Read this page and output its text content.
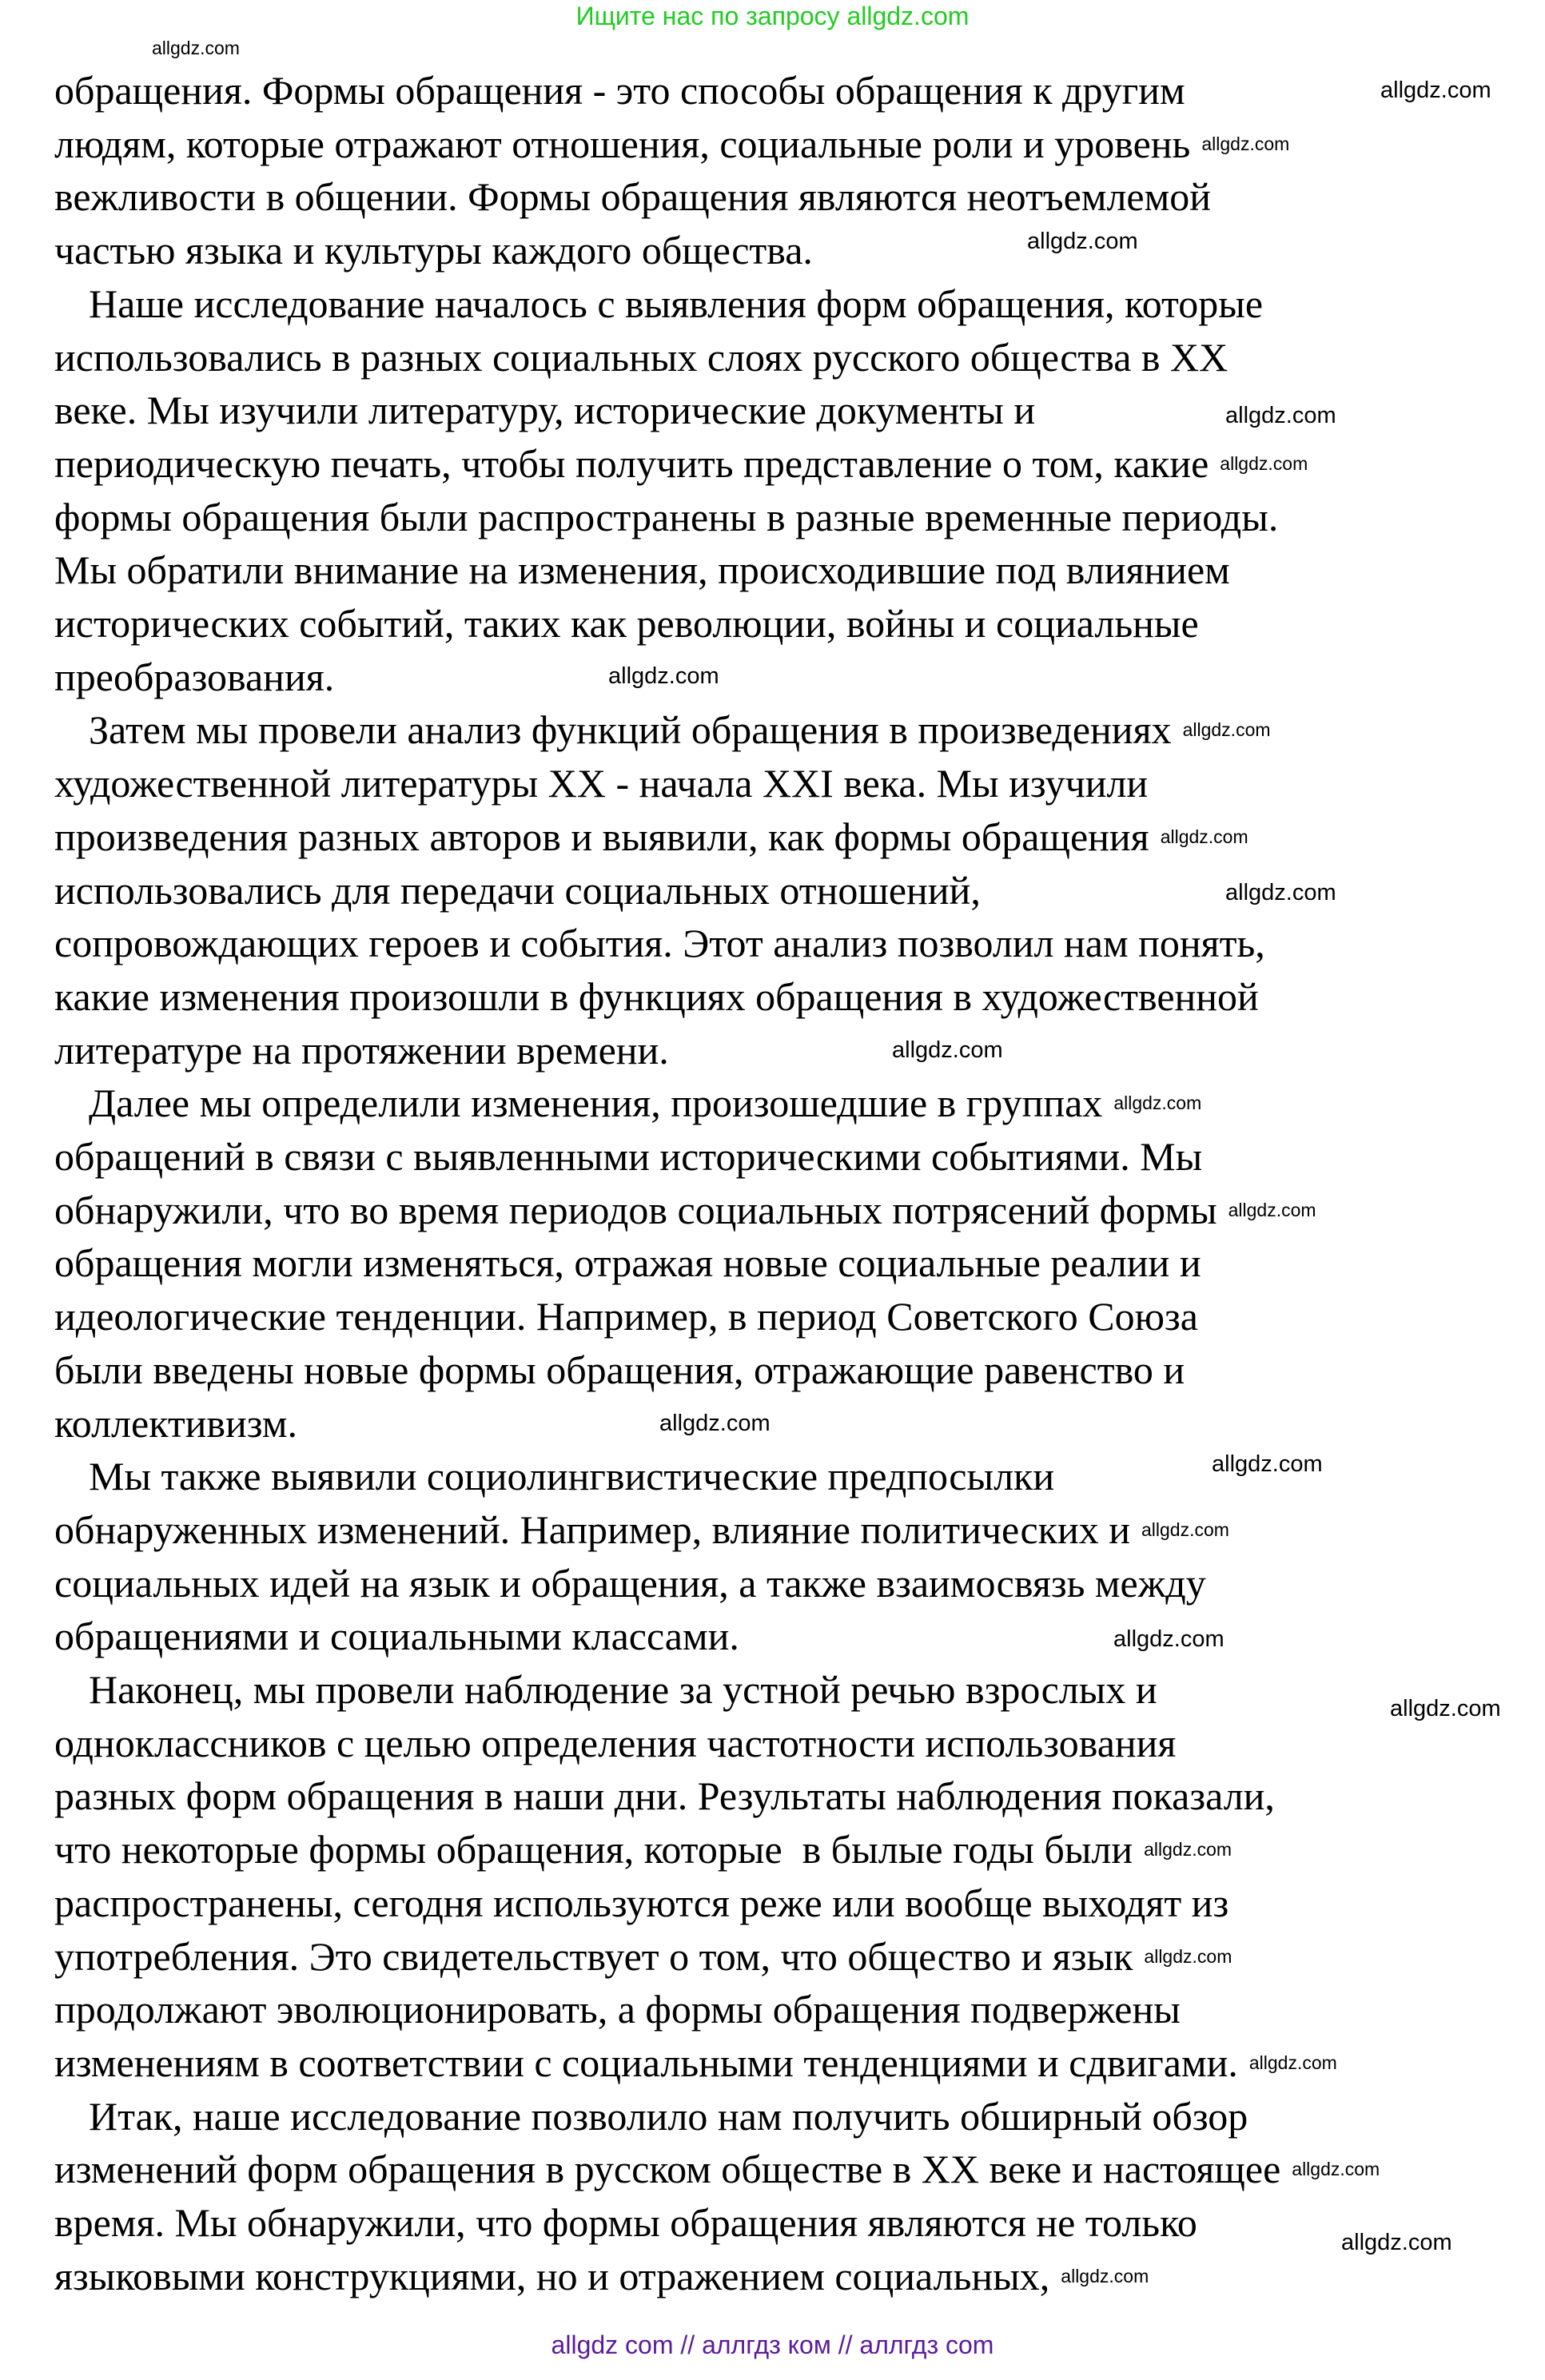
Ищите нас по запросу allgdz.com
обращения. Формы обращения - это способы обращения к другим
людям, которые отражают отношения, социальные роли и уровень
вежливости в общении. Формы обращения являются неотъемлемой
частью языка и культуры каждого общества.
Наше исследование началось с выявления форм обращения, которые
использовались в разных социальных слоях русского общества в XX
веке. Мы изучили литературу, исторические документы и
периодическую печать, чтобы получить представление о том, какие
формы обращения были распространены в разные временные периоды.
Мы обратили внимание на изменения, происходившие под влиянием
исторических событий, таких как революции, войны и социальные
преобразования.
Затем мы провели анализ функций обращения в произведениях
художественной литературы XX - начала XXI века. Мы изучили
произведения разных авторов и выявили, как формы обращения
использовались для передачи социальных отношений,
сопровождающих героев и события. Этот анализ позволил нам понять,
какие изменения произошли в функциях обращения в художественной
литературе на протяжении времени.
Далее мы определили изменения, произошедшие в группах
обращений в связи с выявленными историческими событиями. Мы
обнаружили, что во время периодов социальных потрясений формы
обращения могли изменяться, отражая новые социальные реалии и
идеологические тенденции. Например, в период Советского Союза
были введены новые формы обращения, отражающие равенство и
коллективизм.
Мы также выявили социолингвистические предпосылки
обнаруженных изменений. Например, влияние политических и
социальных идей на язык и обращения, а также взаимосвязь между
обращениями и социальными классами.
Наконец, мы провели наблюдение за устной речью взрослых и
одноклассников с целью определения частотности использования
разных форм обращения в наши дни. Результаты наблюдения показали,
что некоторые формы обращения, которые  в былые годы были
распространены, сегодня используются реже или вообще выходят из
употребления. Это свидетельствует о том, что общество и язык
продолжают эволюционировать, а формы обращения подвержены
изменениям в соответствии с социальными тенденциями и сдвигами.
Итак, наше исследование позволило нам получить обширный обзор
изменений форм обращения в русском обществе в XX веке и настоящее
время. Мы обнаружили, что формы обращения являются не только
языковыми конструкциями, но и отражением социальных,
allgdz.com
allgdz.com
allgdz.com
allgdz.com
allgdz.com
allgdz.com
allgdz.com
allgdz.com
allgdz.com
allgdz.com
allgdz.com
allgdz.com
allgdz.com
allgdz.com
allgdz.com
allgdz.com
allgdz.com
allgdz.com
allgdz.com
allgdz.com
allgdz.com
allgdz.com
allgdz.com
allgdz.com
allgdz com // аллгдз ком // аллгдз com
